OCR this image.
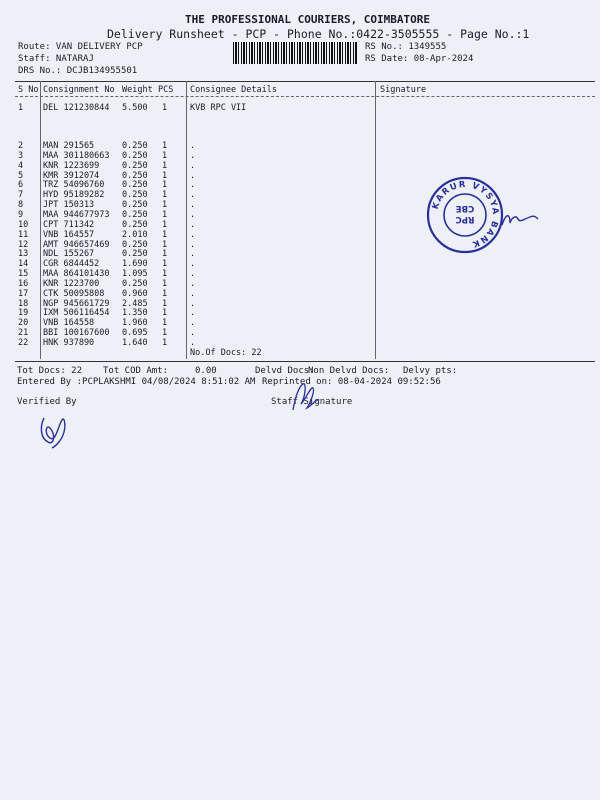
THE PROFESSIONAL COURIERS, COIMBATORE
Delivery Runsheet - PCP - Phone No.:0422-3505555 - Page No.:1
Route: VAN DELIVERY PCP
Staff: NATARAJ
DRS No.: DCJB134955501
RS No.: 1349555
RS Date: 08-Apr-2024
S No Consignment No Weight PCS Consignee Details	Signature
1 DEL 121230844 5.500 1	KVB RPC VII
2 MAN 291565	0.250 1	.
3 MAA 301180663 0.250 1	.
4 KNR 1223699	0.250 1	.
5 KMR 3912074	0.250 1	.
6 TRZ 54096760 0.250 1	.
7 HYD 95189282 0.250 1	.
8 JPT 150313	0.250 1	.
9 MAA 944677973 0.250 1	.
10 CPT 711342	0.250 1	.
11 VNB 164557	2.010 1	.
12 AMT 946657469 0.250 1	.
13 NDL 155267	0.250 1	.
14 CGR 6844452	1.690 1	.
15 MAA 864101430 1.095 1	.
16 KNR 1223700	0.250 1	.
17 CTK 50095808 0.960 1	.
18 NGP 945661729 2.485 1	.
19 IXM 506116454 1.350 1	.
20 VNB 164558	1.960 1	.
21 BBI 100167600 0.695 1	.
22 HNK 937890	1.640 1	.
No.Of Docs: 22
Tot Docs: 22 Tot COD Amt:	0.00	Delvd Docs:
Non Delvd Docs: Delvy pts:
Entered By :PCPLAKSHMI 04/08/2024 8:51:02 AM Reprinted on: 08-04-2024 09:52:56
Verified By	Staff Signature
KARUR VYSYA BANK
RPC
CBE
